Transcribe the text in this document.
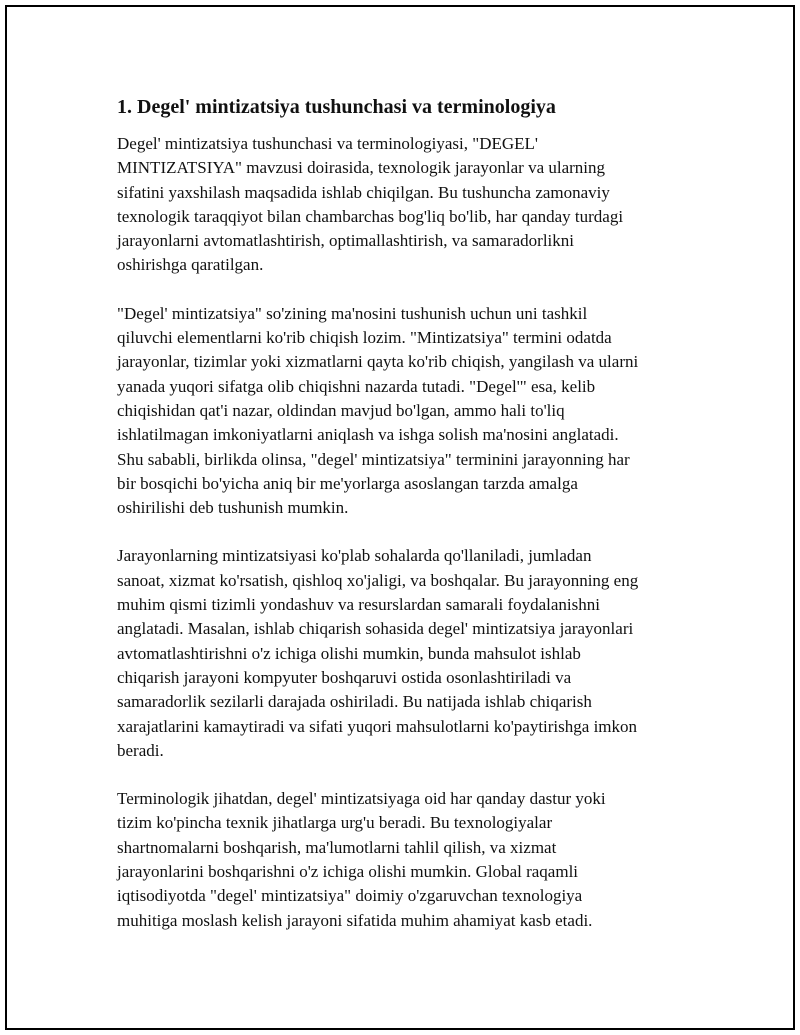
1. Degel' mintizatsiya tushunchasi va terminologiya

Degel' mintizatsiya tushunchasi va terminologiyasi, "DEGEL'
MINTIZATSIYA" mavzusi doirasida, texnologik jarayonlar va ularning
sifatini yaxshilash maqsadida ishlab chiqilgan. Bu tushuncha zamonaviy
texnologik taraqqiyot bilan chambarchas bog'liq bo'lib, har qanday turdagi
jarayonlarni avtomatlashtirish, optimallashtirish, va samaradorlikni
oshirishga qaratilgan.

"Degel' mintizatsiya" so'zining ma'nosini tushunish uchun uni tashkil
qiluvchi elementlarni ko'rib chiqish lozim. "Mintizatsiya" termini odatda
jarayonlar, tizimlar yoki xizmatlarni qayta ko'rib chiqish, yangilash va ularni
yanada yuqori sifatga olib chiqishni nazarda tutadi. "Degel'" esa, kelib
chiqishidan qat'i nazar, oldindan mavjud bo'lgan, ammo hali to'liq
ishlatilmagan imkoniyatlarni aniqlash va ishga solish ma'nosini anglatadi.
Shu sababli, birlikda olinsa, "degel' mintizatsiya" terminini jarayonning har
bir bosqichi bo'yicha aniq bir me'yorlarga asoslangan tarzda amalga
oshirilishi deb tushunish mumkin.

Jarayonlarning mintizatsiyasi ko'plab sohalarda qo'llaniladi, jumladan
sanoat, xizmat ko'rsatish, qishloq xo'jaligi, va boshqalar. Bu jarayonning eng
muhim qismi tizimli yondashuv va resurslardan samarali foydalanishni
anglatadi. Masalan, ishlab chiqarish sohasida degel' mintizatsiya jarayonlari
avtomatlashtirishni o'z ichiga olishi mumkin, bunda mahsulot ishlab
chiqarish jarayoni kompyuter boshqaruvi ostida osonlashtiriladi va
samaradorlik sezilarli darajada oshiriladi. Bu natijada ishlab chiqarish
xarajatlarini kamaytiradi va sifati yuqori mahsulotlarni ko'paytirishga imkon
beradi.

Terminologik jihatdan, degel' mintizatsiyaga oid har qanday dastur yoki
tizim ko'pincha texnik jihatlarga urg'u beradi. Bu texnologiyalar
shartnomalarni boshqarish, ma'lumotlarni tahlil qilish, va xizmat
jarayonlarini boshqarishni o'z ichiga olishi mumkin. Global raqamli
iqtisodiyotda "degel' mintizatsiya" doimiy o'zgaruvchan texnologiya
muhitiga moslash kelish jarayoni sifatida muhim ahamiyat kasb etadi.
